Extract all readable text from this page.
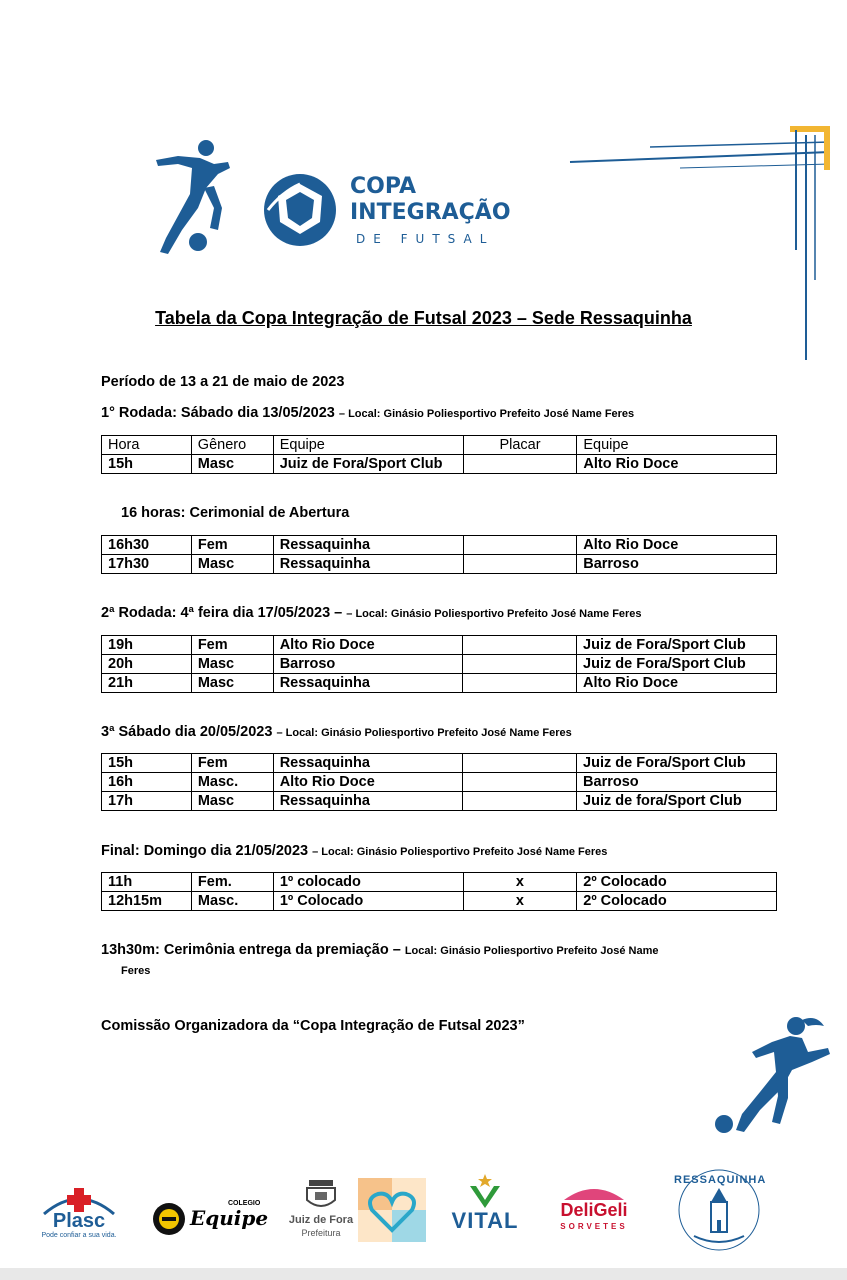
COPA
INTEGRAÇÃO
DE FUTSAL
Tabela da Copa Integração de Futsal 2023 – Sede Ressaquinha
Período de 13 a 21 de maio de 2023
1° Rodada: Sábado dia 13/05/2023 – Local: Ginásio Poliesportivo Prefeito José Name Feres
Hora	Gênero	Equipe	Placar	Equipe
15h	Masc	Juiz de Fora/Sport Club		Alto Rio Doce
16 horas: Cerimonial de Abertura
16h30	Fem	Ressaquinha		Alto Rio Doce
17h30	Masc	Ressaquinha		Barroso
2ª Rodada: 4ª feira dia 17/05/2023 – – Local: Ginásio Poliesportivo Prefeito José Name Feres
19h	Fem	Alto Rio Doce		Juiz de Fora/Sport Club
20h	Masc	Barroso		Juiz de Fora/Sport Club
21h	Masc	Ressaquinha		Alto Rio Doce
3ª Sábado dia 20/05/2023 – Local: Ginásio Poliesportivo Prefeito José Name Feres
15h	Fem	Ressaquinha		Juiz de Fora/Sport Club
16h	Masc.	Alto Rio Doce		Barroso
17h	Masc	Ressaquinha		Juiz de fora/Sport Club
Final: Domingo dia 21/05/2023 – Local: Ginásio Poliesportivo Prefeito José Name Feres
11h	Fem.	1º colocado	x	2º Colocado
12h15m	Masc.	1º Colocado	x	2º Colocado
13h30m: Cerimônia entrega da premiação – Local: Ginásio Poliesportivo Prefeito José Name
Feres
Comissão Organizadora da “Copa Integração de Futsal 2023”
Plasc
Pode confiar a sua vida.
COLEGIO
Equipe Juiz de Fora
Prefeitura	VITAL	DeliGeli
SORVETES
RESSAQUINHA
